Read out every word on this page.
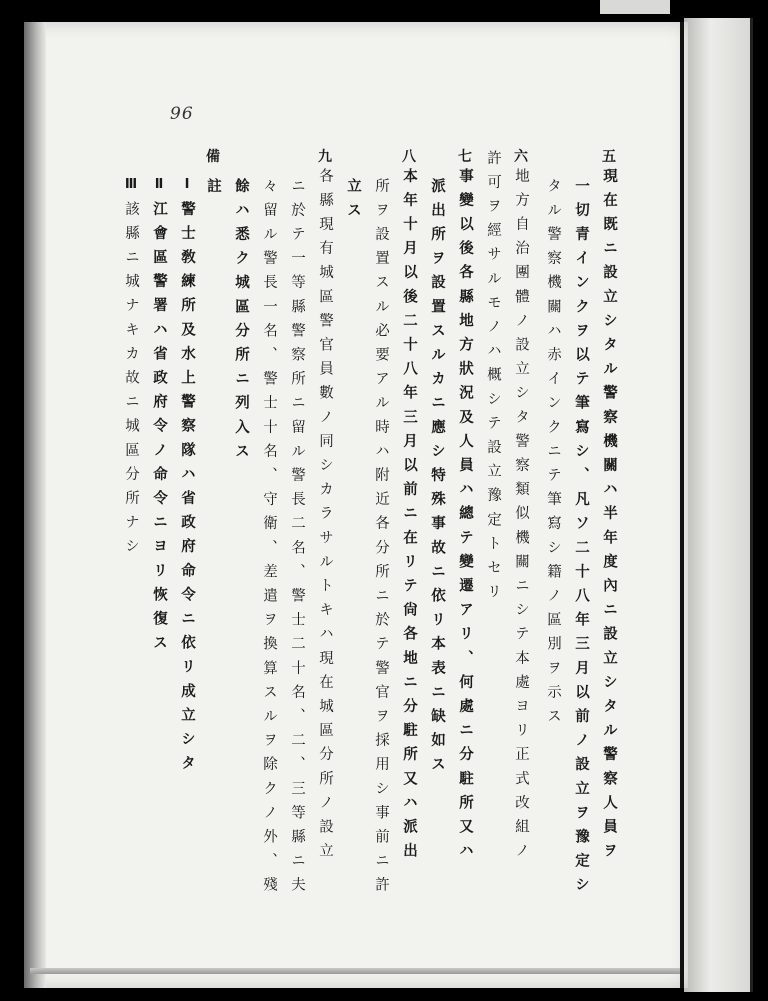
96
五
現在既ニ設立シタル警察機關ハ半年度內ニ設立シタル警察人員ヲ
一切青インクヲ以テ筆寫シ、凡ソ二十八年三月以前ノ設立ヲ豫定シ
タル警察機關ハ赤インクニテ筆寫シ籍ノ區別ヲ示ス
六
地方自治團體ノ設立シタ警察類似機關ニシテ本處ヨリ正式改組ノ
許可ヲ經サルモノハ概シテ設立豫定トセリ
七
事變以後各縣地方狀況及人員ハ總テ變遷アリ、何處ニ分駐所又ハ
派出所ヲ設置スルカニ應シ特殊事故ニ依リ本表ニ缺如ス
八
本年十月以後二十八年三月以前ニ在リテ尙各地ニ分駐所又ハ派出
所ヲ設置スル必要アル時ハ附近各分所ニ於テ警官ヲ採用シ事前ニ許
立ス
九
各縣現有城區警官員數ノ同シカラサルトキハ現在城區分所ノ設立
ニ於テ一等縣警察所ニ留ル警長二名、警士二十名、二、三等縣ニ夫
々留ル警長一名、警士十名、守衛、差遣ヲ換算スルヲ除クノ外、殘
餘ハ悉ク城區分所ニ列入ス
備
註
Ⅰ
警士敎練所及水上警察隊ハ省政府命令ニ依リ成立シタ
Ⅱ
江會區警署ハ省政府令ノ命令ニヨリ恢復ス
Ⅲ
該縣ニ城ナキカ故ニ城區分所ナシ
